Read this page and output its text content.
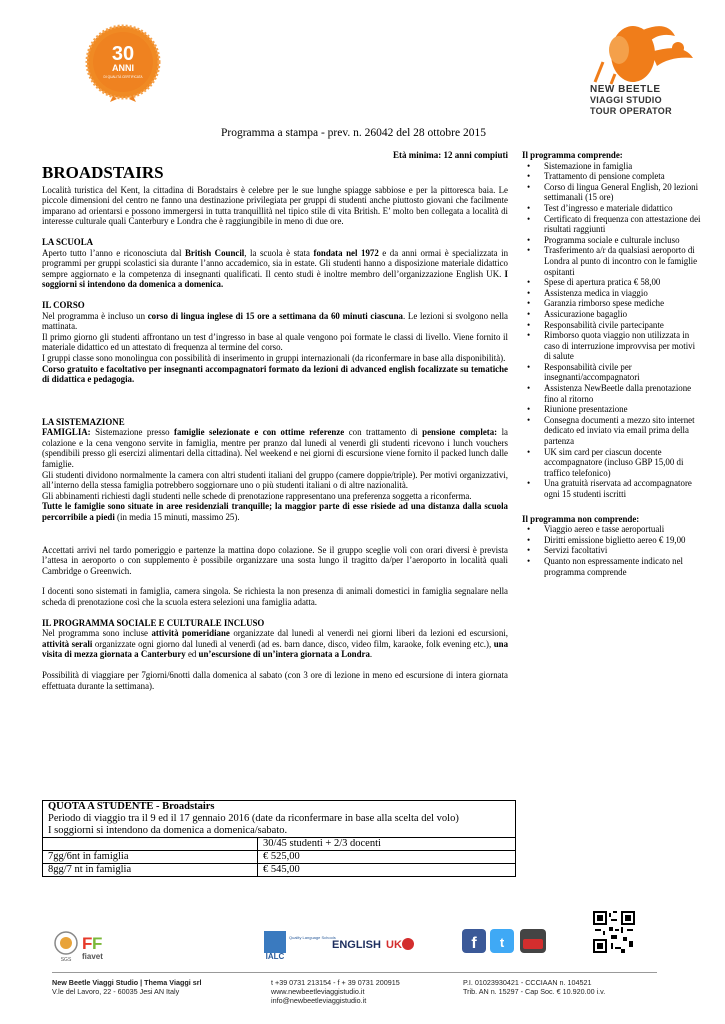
30
ANNI
DI QUALITÀ CERTIFICATA
NEW BEETLE
VIAGGI STUDIO
TOUR OPERATOR
Programma a stampa - prev. n. 26042 del 28 ottobre 2015
Età minima: 12 anni compiuti
BROADSTAIRS

Località turistica del Kent, la cittadina di Boradstairs è celebre per le sue lunghe spiagge sabbiose e per la pittoresca baia. Le piccole dimensioni del centro ne fanno una destinazione privilegiata per gruppi di studenti anche piuttosto giovani che facilmente imparano ad orientarsi e possono immergersi in tutta tranquillità nel tipico stile di vita British. E’ molto ben collegata a località di interesse culturale quali Canterbury e Londra che è raggiungibile in meno di due ore.

LA SCUOLA

Aperto tutto l’anno e riconosciuta dal British Council, la scuola è stata fondata nel 1972 e da anni ormai è specializzata in programmi per gruppi scolastici sia durante l’anno accademico, sia in estate. Gli studenti hanno a disposizione materiale didattico sempre aggiornato e la competenza di insegnanti qualificati. Il cento studi è inoltre membro dell’organizzazione English UK. I soggiorni si intendono da domenica a domenica.

IL CORSO

Nel programma è incluso un corso di lingua inglese di 15 ore a settimana da 60 minuti ciascuna. Le lezioni si svolgono nella mattinata.

Il primo giorno gli studenti affrontano un test d’ingresso in base al quale vengono poi formate le classi di livello. Viene fornito il materiale didattico ed un attestato di frequenza al termine del corso.

I gruppi classe sono monolingua con possibilità di inserimento in gruppi internazionali (da riconfermare in base alla disponibilità).

Corso gratuito e facoltativo per insegnanti accompagnatori formato da lezioni di advanced english focalizzate su tematiche di didattica e pedagogia.

LA SISTEMAZIONE

FAMIGLIA: Sistemazione presso famiglie selezionate e con ottime referenze con trattamento di pensione completa: la colazione e la cena vengono servite in famiglia, mentre per pranzo dal lunedì al venerdì gli studenti ricevono i lunch vouchers (spendibili presso gli esercizi alimentari della cittadina). Nel weekend e nei giorni di escursione viene fornito il packed lunch dalle famiglie.

Gli studenti dividono normalmente la camera con altri studenti italiani del gruppo (camere doppie/triple). Per motivi organizzativi, all’interno della stessa famiglia potrebbero soggiornare uno o più studenti italiani o di altre nazionalità.

Gli abbinamenti richiesti dagli studenti nelle schede di prenotazione rappresentano una preferenza soggetta a riconferma.

Tutte le famiglie sono situate in aree residenziali tranquille; la maggior parte di esse risiede ad una distanza dalla scuola percorribile a piedi (in media 15 minuti, massimo 25).

Accettati arrivi nel tardo pomeriggio e partenze la mattina dopo colazione. Se il gruppo sceglie voli con orari diversi è prevista l’attesa in aeroporto o con supplemento è possibile organizzare una sosta lungo il tragitto da/per l’aeroporto in località quali Cambridge o Greenwich.

I docenti sono sistemati in famiglia, camera singola. Se richiesta la non presenza di animali domestici in famiglia segnalare nella scheda di prenotazione così che la scuola estera selezioni una famiglia adatta.

IL PROGRAMMA SOCIALE E CULTURALE INCLUSO

Nel programma sono incluse attività pomeridiane organizzate dal lunedì al venerdì nei giorni liberi da lezioni ed escursioni, attività serali organizzate ogni giorno dal lunedì al venerdì (ad es. barn dance, disco, video film, karaoke, folk evening etc.), una visita di mezza giornata a Canterbury ed un’escursione di un’intera giornata a Londra.

Possibilità di viaggiare per 7giorni/6notti dalla domenica al sabato (con 3 ore di lezione in meno ed escursione di intera giornata effettuata durante la settimana).

Il programma comprende:
• Sistemazione in famiglia
• Trattamento di pensione completa
• Corso di lingua General English, 20 lezioni settimanali (15 ore)
• Test d’ingresso e materiale didattico
• Certificato di frequenza con attestazione dei risultati raggiunti
• Programma sociale e culturale incluso
• Trasferimento a/r da qualsiasi aeroporto di Londra al punto di incontro con le famiglie ospitanti
• Spese di apertura pratica € 58,00
• Assistenza medica in viaggio
• Garanzia rimborso spese mediche
• Assicurazione bagaglio
• Responsabilità civile partecipante
• Rimborso quota viaggio non utilizzata in caso di interruzione improvvisa per motivi di salute
• Responsabilità civile per insegnanti/accompagnatori
• Assistenza NewBeetle dalla prenotazione fino al ritorno
• Riunione presentazione
• Consegna documenti a mezzo sito internet dedicato ed inviato via email prima della partenza
• UK sim card per ciascun docente accompagnatore (incluso GBP 15,00 di traffico telefonico)
• Una gratuità riservata ad accompagnatore ogni 15 studenti iscritti
Il programma non comprende:
• Viaggio aereo e tasse aeroportuali
• Diritti emissione biglietto aereo € 19,00
• Servizi facoltativi
• Quanto non espressamente indicato nel programma comprende
QUOTA A STUDENTE - Broadstairs
Periodo di viaggio tra il 9 ed il 17 gennaio 2016 (date da riconfermare in base alla scelta del volo)
I soggiorni si intendono da domenica a domenica/sabato.	

	30/45 studenti + 2/3 docenti
7gg/6nt in famiglia	€ 525,00
8gg/7 nt in famiglia	€ 545,00
SGS
F F
fiavet	IALC
Quality Language Schools
ENGLISH UK	f t
New Beetle Viaggi Studio | Thema Viaggi srl
V.le del Lavoro, 22 - 60035 Jesi AN Italy
t +39 0731 213154 - f + 39 0731 200915
www.newbeetleviaggistudio.it
info@newbeetleviaggistudio.it
P.I. 01023930421 - CCCIAAN n. 104521
Trib. AN n. 15297 - Cap Soc. € 10.920.00 i.v.
